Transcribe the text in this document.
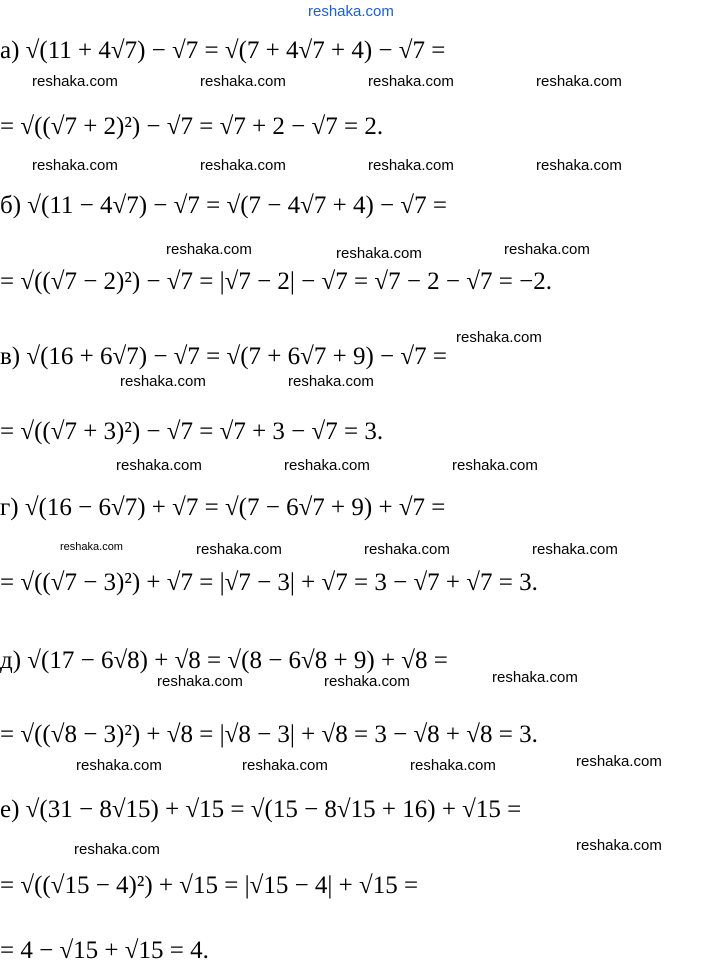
reshaka.com
а) √(11 + 4√7) − √7 = √(7 + 4√7 + 4) − √7 =
= √((√7 + 2)²) − √7 = √7 + 2 − √7 = 2.
б) √(11 − 4√7) − √7 = √(7 − 4√7 + 4) − √7 =
= √((√7 − 2)²) − √7 = |√7 − 2| − √7 = √7 − 2 − √7 = −2.
в) √(16 + 6√7) − √7 = √(7 + 6√7 + 9) − √7 =
= √((√7 + 3)²) − √7 = √7 + 3 − √7 = 3.
г) √(16 − 6√7) + √7 = √(7 − 6√7 + 9) + √7 =
= √((√7 − 3)²) + √7 = |√7 − 3| + √7 = 3 − √7 + √7 = 3.
д) √(17 − 6√8) + √8 = √(8 − 6√8 + 9) + √8 =
= √((√8 − 3)²) + √8 = |√8 − 3| + √8 = 3 − √8 + √8 = 3.
е) √(31 − 8√15) + √15 = √(15 − 8√15 + 16) + √15 =
= √((√15 − 4)²) + √15 = |√15 − 4| + √15 =
= 4 − √15 + √15 = 4.
reshaka.com	reshaka.com	reshaka.com	reshaka.com
reshaka.com	reshaka.com	reshaka.com	reshaka.com
reshaka.com	reshaka.com	reshaka.com
reshaka.com
reshaka.com	reshaka.com
reshaka.com	reshaka.com	reshaka.com
reshaka.com	reshaka.com	reshaka.com	reshaka.com
reshaka.com	reshaka.com	reshaka.com
reshaka.com	reshaka.com	reshaka.com	reshaka.com
reshaka.com	reshaka.com
